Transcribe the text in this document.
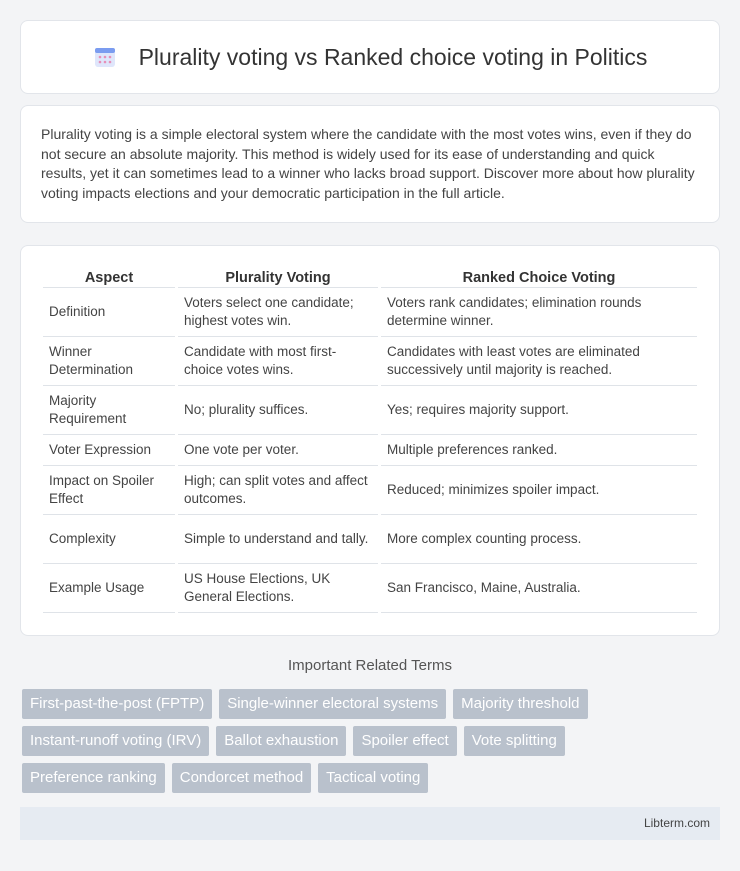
Plurality voting vs Ranked choice voting in Politics

Plurality voting is a simple electoral system where the candidate with the most votes wins, even if they do not secure an absolute majority. This method is widely used for its ease of understanding and quick results, yet it can sometimes lead to a winner who lacks broad support. Discover more about how plurality voting impacts elections and your democratic participation in the full article.

Aspect	Plurality Voting	Ranked Choice Voting
Definition	Voters select one candidate; highest votes win.	Voters rank candidates; elimination rounds determine winner.
Winner Determination	Candidate with most first-choice votes wins.	Candidates with least votes are eliminated successively until majority is reached.
Majority Requirement	No; plurality suffices.	Yes; requires majority support.
Voter Expression	One vote per voter.	Multiple preferences ranked.
Impact on Spoiler Effect	High; can split votes and affect outcomes.	Reduced; minimizes spoiler impact.
Complexity	Simple to understand and tally.	More complex counting process.
Example Usage	US House Elections, UK General Elections.	San Francisco, Maine, Australia.
Important Related Terms
First-past-the-post (FPTP)	Single-winner electoral systems	Majority threshold
Instant-runoff voting (IRV)	Ballot exhaustion	Spoiler effect	Vote splitting
Preference ranking	Condorcet method	Tactical voting
Libterm.com
